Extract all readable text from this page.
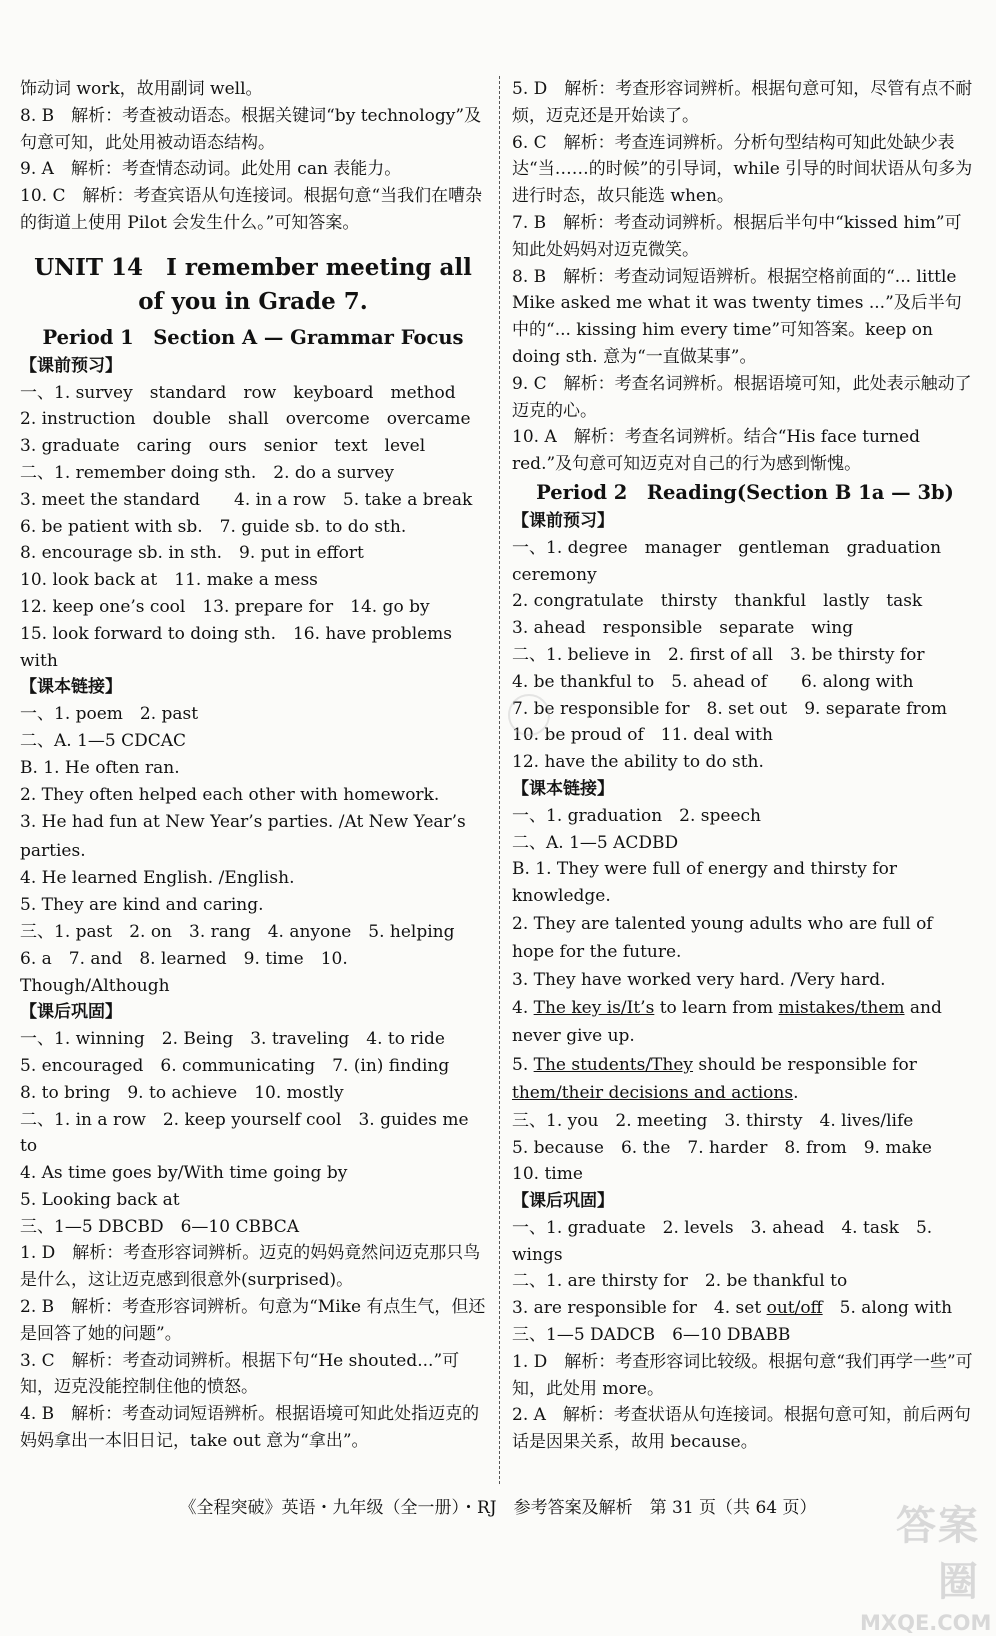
饰动词 work，故用副词 well。

8. B　解析：考查被动语态。根据关键词“by technology”及句意可知，此处用被动语态结构。

9. A　解析：考查情态动词。此处用 can 表能力。

10. C　解析：考查宾语从句连接词。根据句意“当我们在嘈杂的街道上使用 Pilot 会发生什么。”可知答案。

UNIT 14　I remember meeting all of you in Grade 7.
Period 1　Section A — Grammar Focus

【课前预习】

一、1. survey　standard　row　keyboard　method

2. instruction　double　shall　overcome　overcame

3. graduate　caring　ours　senior　text　level

二、1. remember doing sth.　2. do a survey

3. meet the standard　　4. in a row　5. take a break

6. be patient with sb.　7. guide sb. to do sth.

8. encourage sb. in sth.　9. put in effort

10. look back at　11. make a mess

12. keep one’s cool　13. prepare for　14. go by

15. look forward to doing sth.　16. have problems with

【课本链接】

一、1. poem　2. past

二、A. 1—5 CDCAC

B. 1. He often ran.

2. They often helped each other with homework.

3. He had fun at New Year’s parties. /At New Year’s parties.

4. He learned English. /English.

5. They are kind and caring.

三、1. past　2. on　3. rang　4. anyone　5. helping

6. a　7. and　8. learned　9. time　10. Though/Although

【课后巩固】

一、1. winning　2. Being　3. traveling　4. to ride

5. encouraged　6. communicating　7. (in) finding

8. to bring　9. to achieve　10. mostly

二、1. in a row　2. keep yourself cool　3. guides me to

4. As time goes by/With time going by

5. Looking back at

三、1—5 DBCBD　6—10 CBBCA

1. D　解析：考查形容词辨析。迈克的妈妈竟然问迈克那只鸟是什么，这让迈克感到很意外(surprised)。

2. B　解析：考查形容词辨析。句意为“Mike 有点生气，但还是回答了她的问题”。

3. C　解析：考查动词辨析。根据下句“He shouted...”可知，迈克没能控制住他的愤怒。

4. B　解析：考查动词短语辨析。根据语境可知此处指迈克的妈妈拿出一本旧日记，take out 意为“拿出”。

5. D　解析：考查形容词辨析。根据句意可知，尽管有点不耐烦，迈克还是开始读了。

6. C　解析：考查连词辨析。分析句型结构可知此处缺少表达“当……的时候”的引导词，while 引导的时间状语从句多为进行时态，故只能选 when。

7. B　解析：考查动词辨析。根据后半句中“kissed him”可知此处妈妈对迈克微笑。

8. B　解析：考查动词短语辨析。根据空格前面的“... little Mike asked me what it was twenty times ...”及后半句中的“... kissing him every time”可知答案。keep on doing sth. 意为“一直做某事”。

9. C　解析：考查名词辨析。根据语境可知，此处表示触动了迈克的心。

10. A　解析：考查名词辨析。结合“His face turned red.”及句意可知迈克对自己的行为感到惭愧。

Period 2　Reading(Section B 1a — 3b)

【课前预习】

一、1. degree　manager　gentleman　graduation ceremony

2. congratulate　thirsty　thankful　lastly　task

3. ahead　responsible　separate　wing

二、1. believe in　2. first of all　3. be thirsty for

4. be thankful to　5. ahead of　　6. along with

7. be responsible for　8. set out　9. separate from

10. be proud of　11. deal with

12. have the ability to do sth.

【课本链接】

一、1. graduation　2. speech

二、A. 1—5 ACDBD

B. 1. They were full of energy and thirsty for knowledge.

2. They are talented young adults who are full of hope for the future.

3. They have worked very hard. /Very hard.

4. The key is/It’s to learn from mistakes/them and never give up.

5. The students/They should be responsible for them/their decisions and actions.

三、1. you　2. meeting　3. thirsty　4. lives/life

5. because　6. the　7. harder　8. from　9. make

10. time

【课后巩固】

一、1. graduate　2. levels　3. ahead　4. task　5. wings

二、1. are thirsty for　2. be thankful to

3. are responsible for　4. set out/off　5. along with

三、1—5 DADCB　6—10 DBABB

1. D　解析：考查形容词比较级。根据句意“我们再学一些”可知，此处用 more。

2. A　解析：考查状语从句连接词。根据句意可知，前后两句话是因果关系，故用 because。

《全程突破》英语・九年级（全一册）・RJ　参考答案及解析　第 31 页（共 64 页）	答案圈
MXQE.COM
